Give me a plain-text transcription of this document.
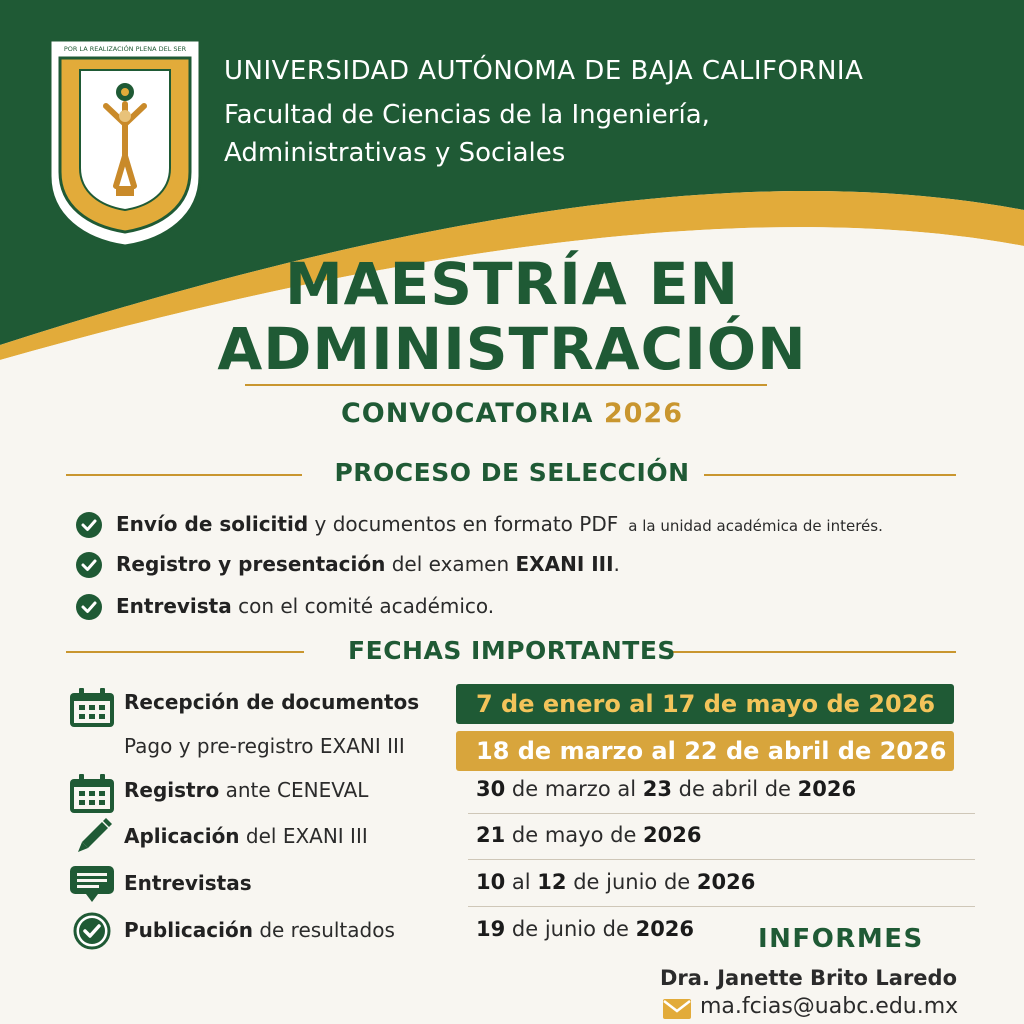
POR LA REALIZACIÓN PLENA DEL SER
UNIVERSIDAD AUTÓNOMA DE BAJA CALIFORNIA
Facultad de Ciencias de la Ingeniería,
Administrativas y Sociales
MAESTRÍA EN
ADMINISTRACIÓN
CONVOCATORIA 2026
PROCESO DE SELECCIÓN
Envío de solicitid y documentos en formato PDF a la unidad académica de interés.
Registro y presentación del examen EXANI III.
Entrevista con el comité académico.
FECHAS IMPORTANTES
Recepción de documentos	7 de enero al 17 de mayo de 2026
Pago y pre-registro EXANI III	18 de marzo al 22 de abril de 2026
Registro ante CENEVAL	30 de marzo al 23 de abril de 2026
Aplicación del EXANI III	21 de mayo de 2026
Entrevistas	10 al 12 de junio de 2026
Publicación de resultados	19 de junio de 2026 INFORMES
Dra. Janette Brito Laredo
ma.fcias@uabc.edu.mx
